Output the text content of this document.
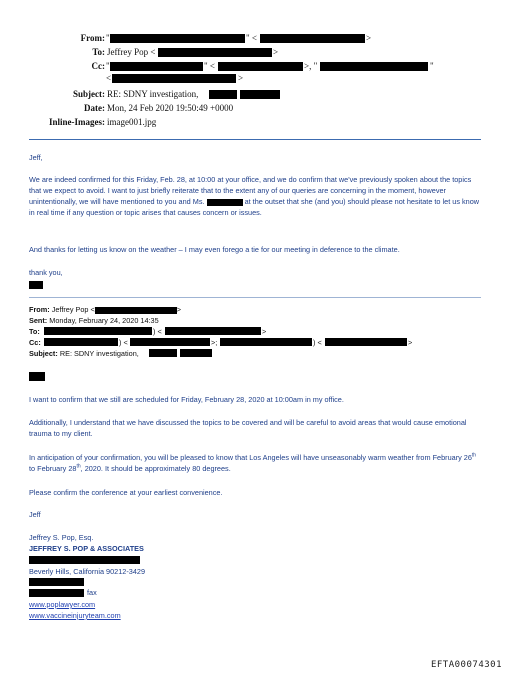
From: "	" <	>
To: Jeffrey Pop <	>
Cc: "	" <	>, "	"
<	>
Subject: RE: SDNY investigation,
Date: Mon, 24 Feb 2020 19:50:49 +0000
Inline-Images: image001.jpg
Jeff,
We are indeed confirmed for this Friday, Feb. 28, at 10:00 at your office, and we do confirm that we've previously spoken about the topics that we expect to avoid. I want to just briefly reiterate that to the extent any of our queries are concerning in the moment, however unintentionally, we will have mentioned to you and Ms.	at the outset that she (and you) should please not hesitate to let us know in real time if any question or topic arises that causes concern or issues.
And thanks for letting us know on the weather – I may even forego a tie for our meeting in deference to the climate.
thank you,
From: Jeffrey Pop <	>
Sent: Monday, February 24, 2020 14:35
To:	) <	>
Cc:	) <	>;	) <	>
Subject: RE: SDNY investigation,
I want to confirm that we still are scheduled for Friday, February 28, 2020 at 10:00am in my office.
Additionally, I understand that we have discussed the topics to be covered and will be careful to avoid areas that would cause emotional trauma to my client.
In anticipation of your confirmation, you will be pleased to know that Los Angeles will have unseasonably warm weather from February 26th to February 28th, 2020. It should be approximately 80 degrees.
Please confirm the conference at your earliest convenience.
Jeff
Jeffrey S. Pop, Esq.
JEFFREY S. POP & ASSOCIATES
Beverly Hills, California 90212-3429
fax
www.poplawyer.com
www.vaccineinjuryteam.com
EFTA00074301
